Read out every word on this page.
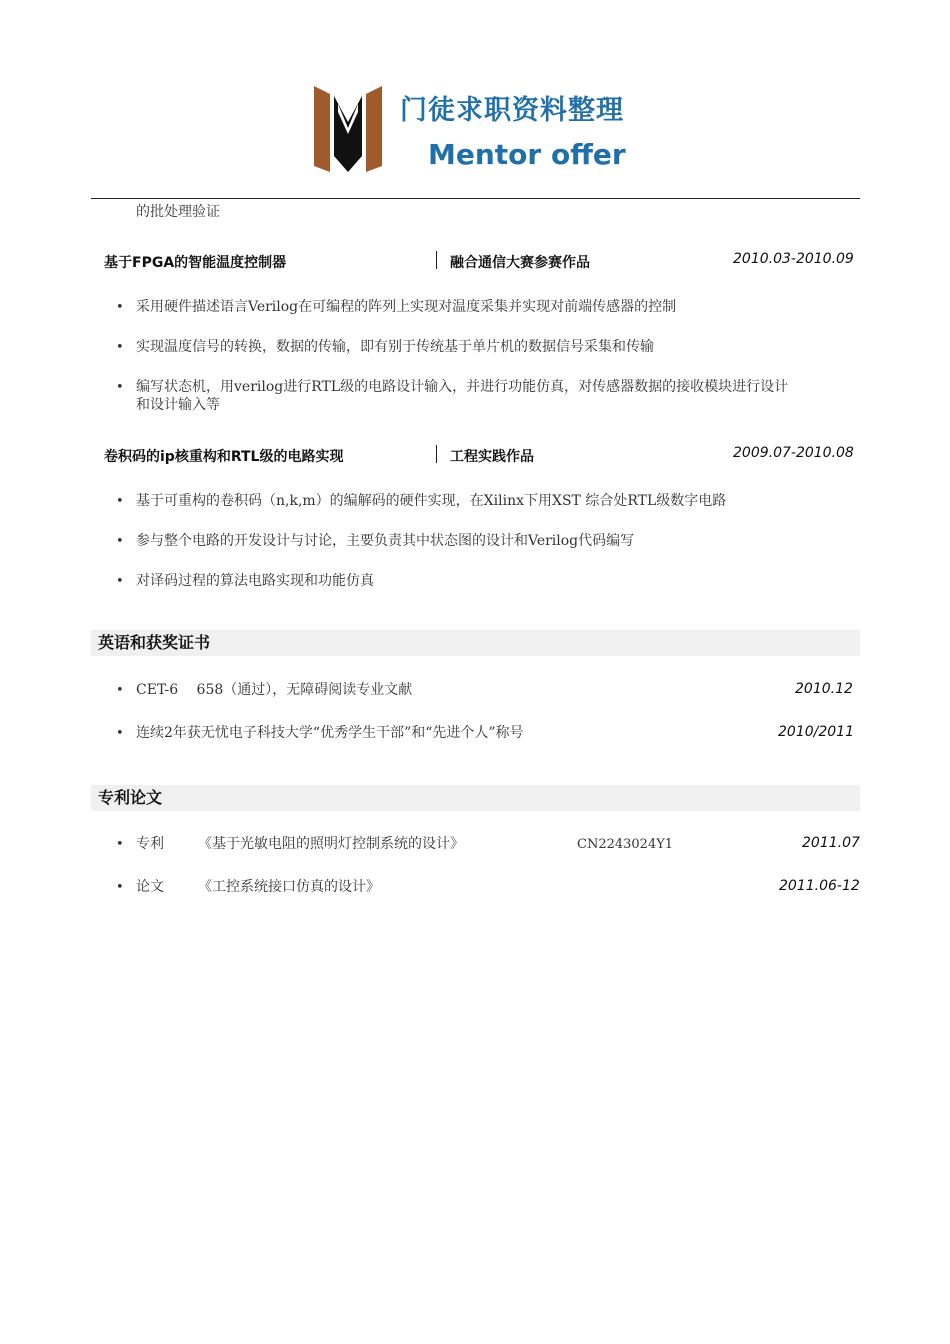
门徒求职资料整理
Mentor offer
的批处理验证
基于FPGA的智能温度控制器	融合通信大赛参赛作品	2010.03-2010.09
• 采用硬件描述语言Verilog在可编程的阵列上实现对温度采集并实现对前端传感器的控制
• 实现温度信号的转换，数据的传输，即有别于传统基于单片机的数据信号采集和传输
• 编写状态机，用verilog进行RTL级的电路设计输入，并进行功能仿真，对传感器数据的接收模块进行设计
和设计输入等
卷积码的ip核重构和RTL级的电路实现	工程实践作品	2009.07-2010.08
• 基于可重构的卷积码（n,k,m）的编解码的硬件实现，在Xilinx下用XST 综合处RTL级数字电路
• 参与整个电路的开发设计与讨论，主要负责其中状态图的设计和Verilog代码编写
• 对译码过程的算法电路实现和功能仿真
英语和获奖证书
• CET-6　 658（通过），无障碍阅读专业文献	2010.12
• 连续2年获无忧电子科技大学“优秀学生干部”和“先进个人”称号	2010/2011
专利论文
• 专利 《基于光敏电阻的照明灯控制系统的设计》	CN2243024Y1	2011.07
• 论文 《工控系统接口仿真的设计》	2011.06-12
